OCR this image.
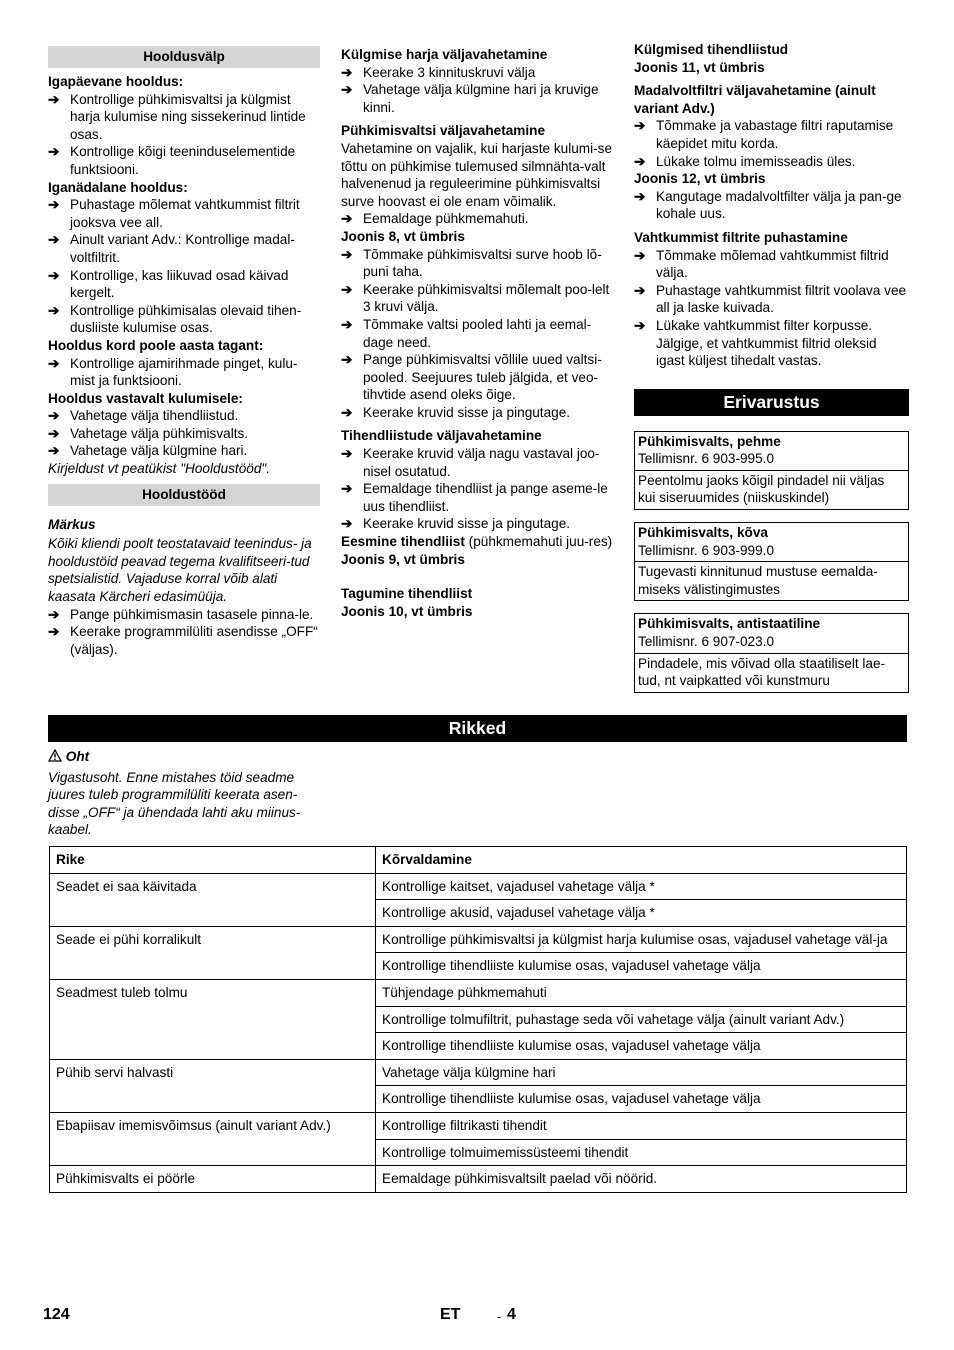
Hooldusvälp
Igapäevane hooldus:
➔ Kontrollige pühkimisvaltsi ja külgmist harja kulumise ning sissekerinud lintide osas.
➔ Kontrollige kõigi teeninduselementide funktsiooni.
Iganädalane hooldus:
➔ Puhastage mõlemat vahtkummist filtrit jooksva vee all.
➔ Ainult variant Adv.: Kontrollige madal-voltfiltrit.
➔ Kontrollige, kas liikuvad osad käivad kergelt.
➔ Kontrollige pühkimisalas olevaid tihen-dusliiste kulumise osas.
Hooldus kord poole aasta tagant:
➔ Kontrollige ajamirihmade pinget, kulu-mist ja funktsiooni.
Hooldus vastavalt kulumisele:
➔ Vahetage välja tihendliistud.
➔ Vahetage välja pühkimisvalts.
➔ Vahetage välja külgmine hari.
Kirjeldust vt peatükist "Hooldustööd".
Hooldustööd
Märkus
Kõiki kliendi poolt teostatavaid teenindus- ja hooldustöid peavad tegema kvalifitseeri-tud spetsialistid. Vajaduse korral võib alati kaasata Kärcheri edasimüüja.
➔ Pange pühkimismasin tasasele pinna-le.
➔ Keerake programmilüliti asendisse „OFF“ (väljas).
Külgmise harja väljavahetamine
➔ Keerake 3 kinnituskruvi välja
➔ Vahetage välja külgmine hari ja kruvige kinni.
Pühkimisvaltsi väljavahetamine
Vahetamine on vajalik, kui harjaste kulumi-se tõttu on pühkimise tulemused silmnähta-valt halvenenud ja reguleerimine pühkimisvaltsi surve hoovast ei ole enam võimalik.
➔ Eemaldage pühkmemahuti.
Joonis 8, vt ümbris
➔ Tõmmake pühkimisvaltsi surve hoob lõ-puni taha.
➔ Keerake pühkimisvaltsi mõlemalt poo-lelt 3 kruvi välja.
➔ Tõmmake valtsi pooled lahti ja eemal-dage need.
➔ Pange pühkimisvaltsi võllile uued valtsi-pooled. Seejuures tuleb jälgida, et veo-tihvtide asend oleks õige.
➔ Keerake kruvid sisse ja pingutage.
Tihendliistude väljavahetamine
➔ Keerake kruvid välja nagu vastaval joo-nisel osutatud.
➔ Eemaldage tihendliist ja pange aseme-le uus tihendliist.
➔ Keerake kruvid sisse ja pingutage.
Eesmine tihendliist (pühkmemahuti juu-res)
Joonis 9, vt ümbris
Tagumine tihendliist
Joonis 10, vt ümbris
Külgmised tihendliistud
Joonis 11, vt ümbris
Madalvoltfiltri väljavahetamine (ainult variant Adv.)
➔ Tõmmake ja vabastage filtri raputamise käepidet mitu korda.
➔ Lükake tolmu imemisseadis üles.
Joonis 12, vt ümbris
➔ Kangutage madalvoltfilter välja ja pan-ge kohale uus.
Vahtkummist filtrite puhastamine
➔ Tõmmake mõlemad vahtkummist filtrid välja.
➔ Puhastage vahtkummist filtrit voolava vee all ja laske kuivada.
➔ Lükake vahtkummist filter korpusse. Jälgige, et vahtkummist filtrid oleksid igast küljest tihedalt vastas.
Erivarustus
Pühkimisvalts, pehme
Tellimisnr. 6 903-995.0
Peentolmu jaoks kõigil pindadel nii väljas kui siseruumides (niiskuskindel)
Pühkimisvalts, kõva
Tellimisnr. 6 903-999.0
Tugevasti kinnitunud mustuse eemalda-miseks välistingimustes
Pühkimisvalts, antistaatiline
Tellimisnr. 6 907-023.0
Pindadele, mis võivad olla staatiliselt lae-tud, nt vaipkatted või kunstmuru
Rikked
Oht
Vigastusoht. Enne mistahes töid seadme juures tuleb programmilüliti keerata asen-disse „OFF“ ja ühendada lahti aku miinus-kaabel.
Rike	Kõrvaldamine
Seadet ei saa käivitada	Kontrollige kaitset, vajadusel vahetage välja *
	Kontrollige akusid, vajadusel vahetage välja *
Seade ei pühi korralikult	Kontrollige pühkimisvaltsi ja külgmist harja kulumise osas, vajadusel vahetage väl-ja
	Kontrollige tihendliiste kulumise osas, vajadusel vahetage välja
Seadmest tuleb tolmu	Tühjendage pühkmemahuti
	Kontrollige tolmufiltrit, puhastage seda või vahetage välja (ainult variant Adv.)
	Kontrollige tihendliiste kulumise osas, vajadusel vahetage välja
Pühib servi halvasti	Vahetage välja külgmine hari
	Kontrollige tihendliiste kulumise osas, vajadusel vahetage välja
Ebapiisav imemisvõimsus (ainult variant Adv.)	Kontrollige filtrikasti tihendit
	Kontrollige tolmuimemissüsteemi tihendit
Pühkimisvalts ei pöörle	Eemaldage pühkimisvaltsilt paelad või nöörid.
124	ET	- 4
